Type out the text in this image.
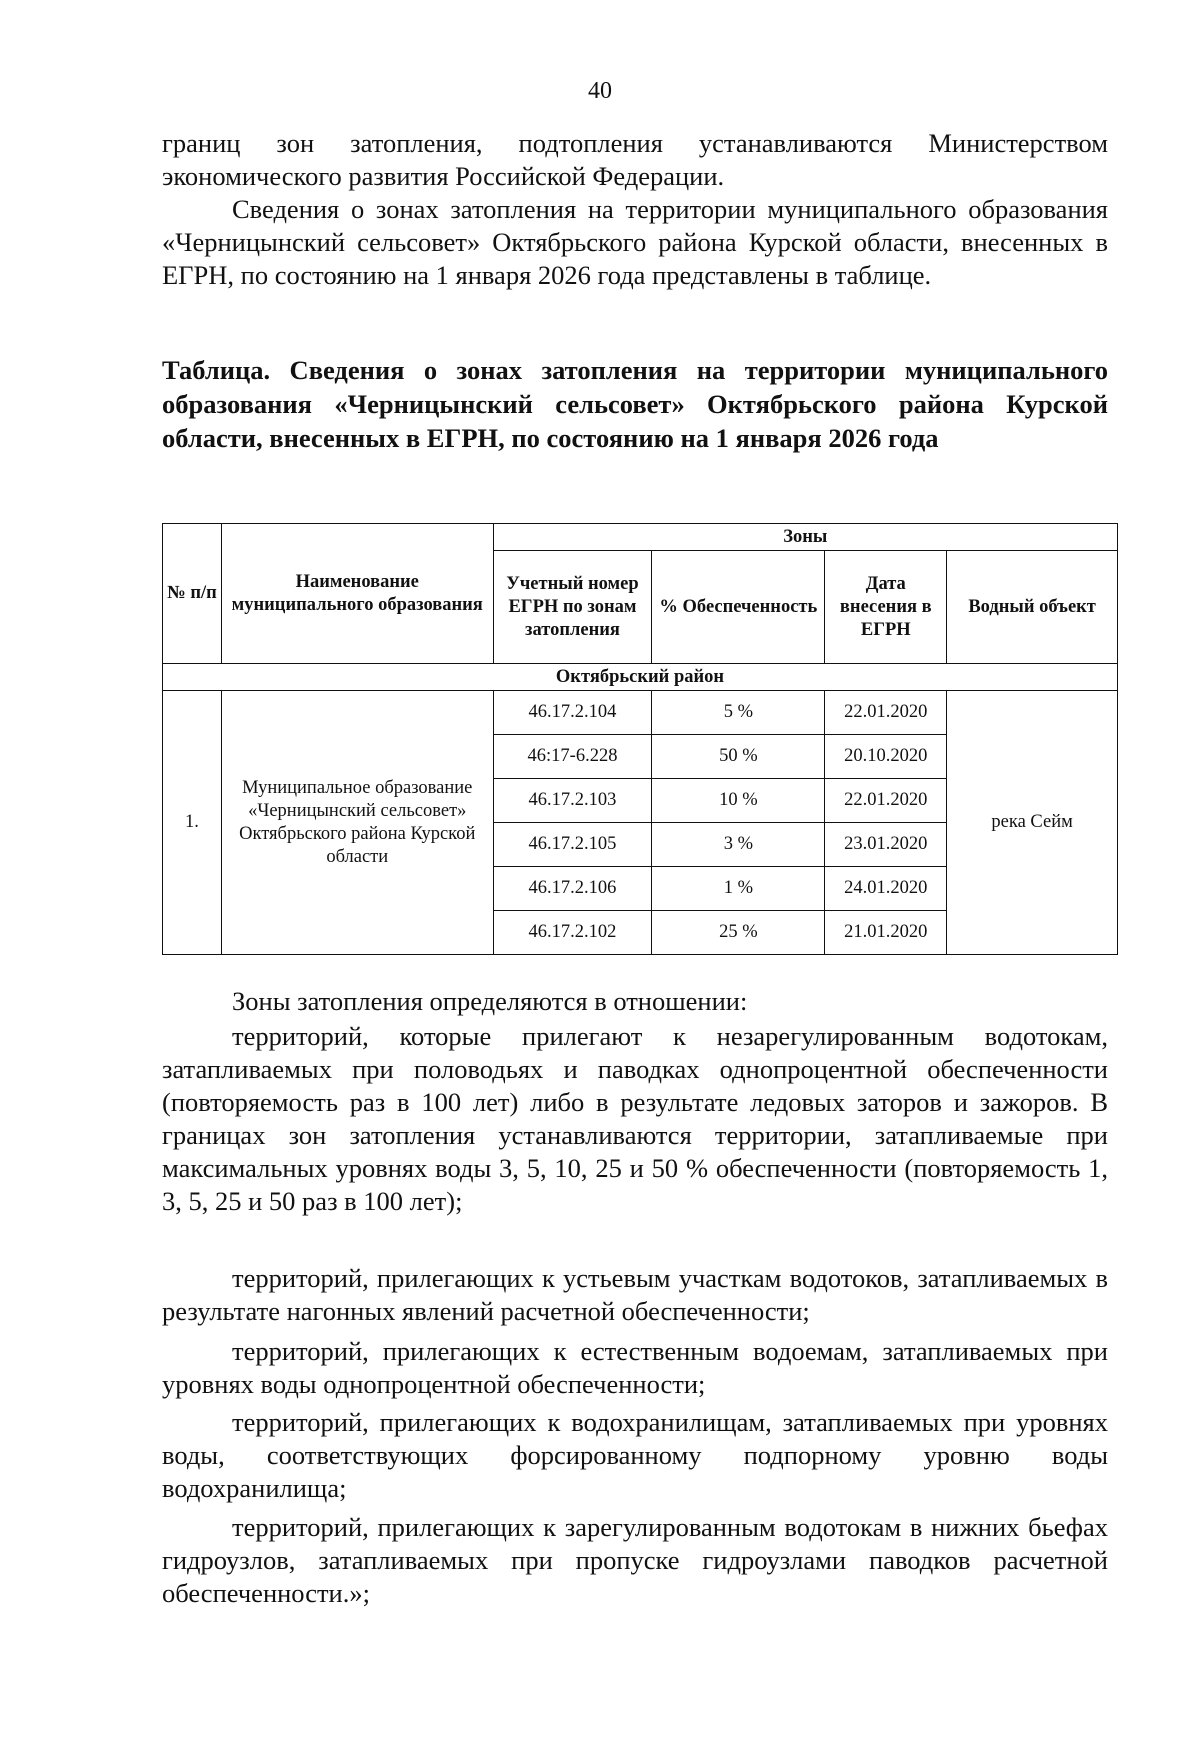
40

границ зон затопления, подтопления устанавливаются Министерством экономического развития Российской Федерации.

Сведения о зонах затопления на территории муниципального образования «Черницынский сельсовет» Октябрьского района Курской области, внесенных в ЕГРН, по состоянию на 1 января 2026 года представлены в таблице.

Таблица. Сведения о зонах затопления на территории муниципального образования «Черницынский сельсовет» Октябрьского района Курской области, внесенных в ЕГРН, по состоянию на 1 января 2026 года

№ п/п	Наименование муниципального образования	Зоны			
		Учетный номер ЕГРН по зонам затопления	% Обеспеченность	Дата внесения в ЕГРН	Водный объект
Октябрьский район					
1.	Муниципальное образование «Черницынский сельсовет» Октябрьского района Курской области	46.17.2.104	5 %	22.01.2020	река Сейм
		46:17-6.228	50 %	20.10.2020	
		46.17.2.103	10 %	22.01.2020	
		46.17.2.105	3 %	23.01.2020	
		46.17.2.106	1 %	24.01.2020	
		46.17.2.102	25 %	21.01.2020	

Зоны затопления определяются в отношении:

территорий, которые прилегают к незарегулированным водотокам, затапливаемых при половодьях и паводках однопроцентной обеспеченности (повторяемость раз в 100 лет) либо в результате ледовых заторов и зажоров. В границах зон затопления устанавливаются территории, затапливаемые при максимальных уровнях воды 3, 5, 10, 25 и 50 % обеспеченности (повторяемость 1, 3, 5, 25 и 50 раз в 100 лет);

территорий, прилегающих к устьевым участкам водотоков, затапливаемых в результате нагонных явлений расчетной обеспеченности;

территорий, прилегающих к естественным водоемам, затапливаемых при уровнях воды однопроцентной обеспеченности;

территорий, прилегающих к водохранилищам, затапливаемых при уровнях воды, соответствующих форсированному подпорному уровню воды водохранилища;

территорий, прилегающих к зарегулированным водотокам в нижних бьефах гидроузлов, затапливаемых при пропуске гидроузлами паводков расчетной обеспеченности.»;
